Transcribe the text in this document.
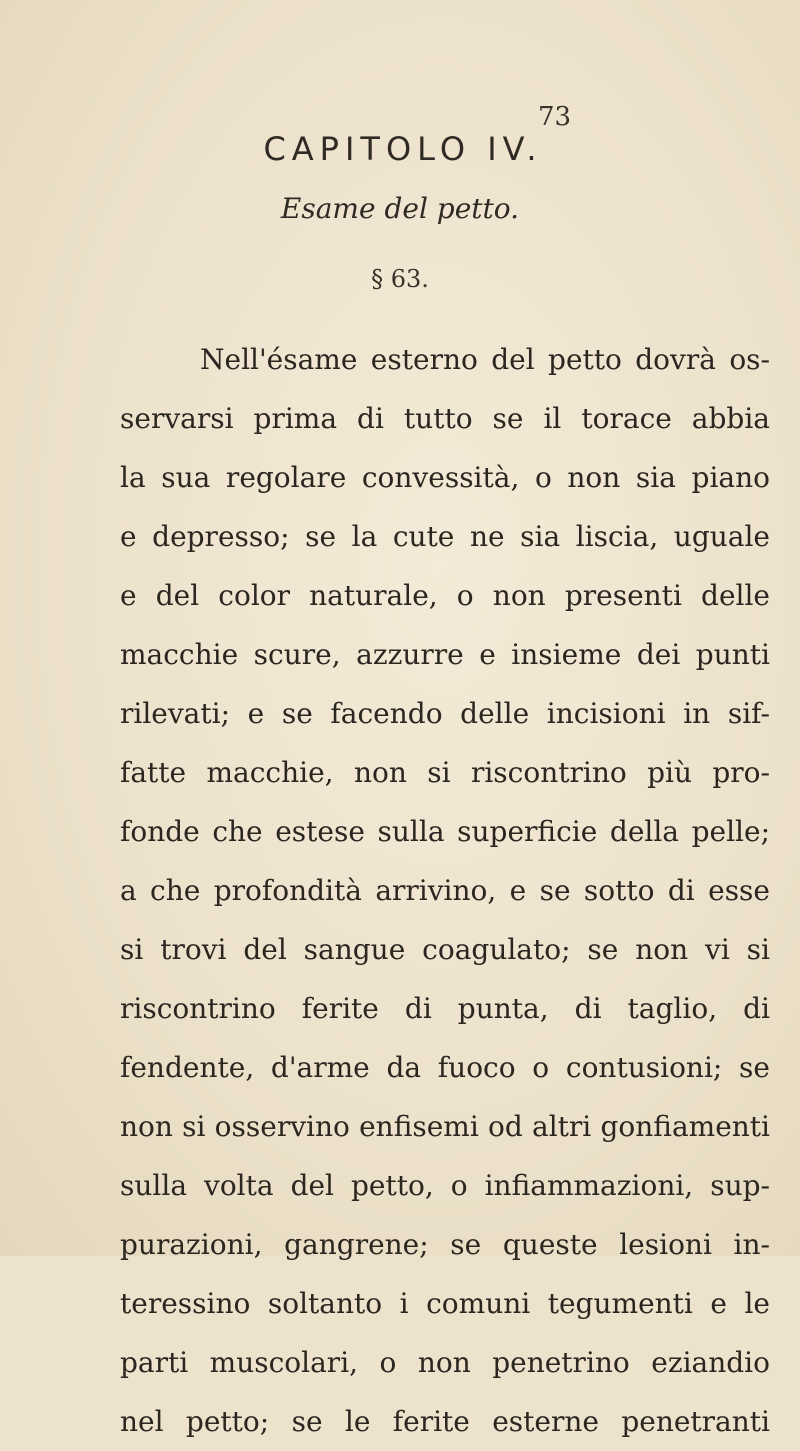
73
CAPITOLO IV.
Esame del petto.
§ 63.
Nell'ésame esterno del petto dovrà os-
servarsi prima di tutto se il torace abbia
la sua regolare convessità, o non sia piano
e depresso; se la cute ne sia liscia, uguale
e del color naturale, o non presenti delle
macchie scure, azzurre e insieme dei punti
rilevati; e se facendo delle incisioni in sif-
fatte macchie, non si riscontrino più pro-
fonde che estese sulla superficie della pelle;
a che profondità arrivino, e se sotto di esse
si trovi del sangue coagulato; se non vi si
riscontrino ferite di punta, di taglio, di
fendente, d'arme da fuoco o contusioni; se
non si osservino enfisemi od altri gonfiamenti
sulla volta del petto, o infiammazioni, sup-
purazioni, gangrene; se queste lesioni in-
teressino soltanto i comuni tegumenti e le
parti muscolari, o non penetrino eziandio
nel petto; se le ferite esterne penetranti
